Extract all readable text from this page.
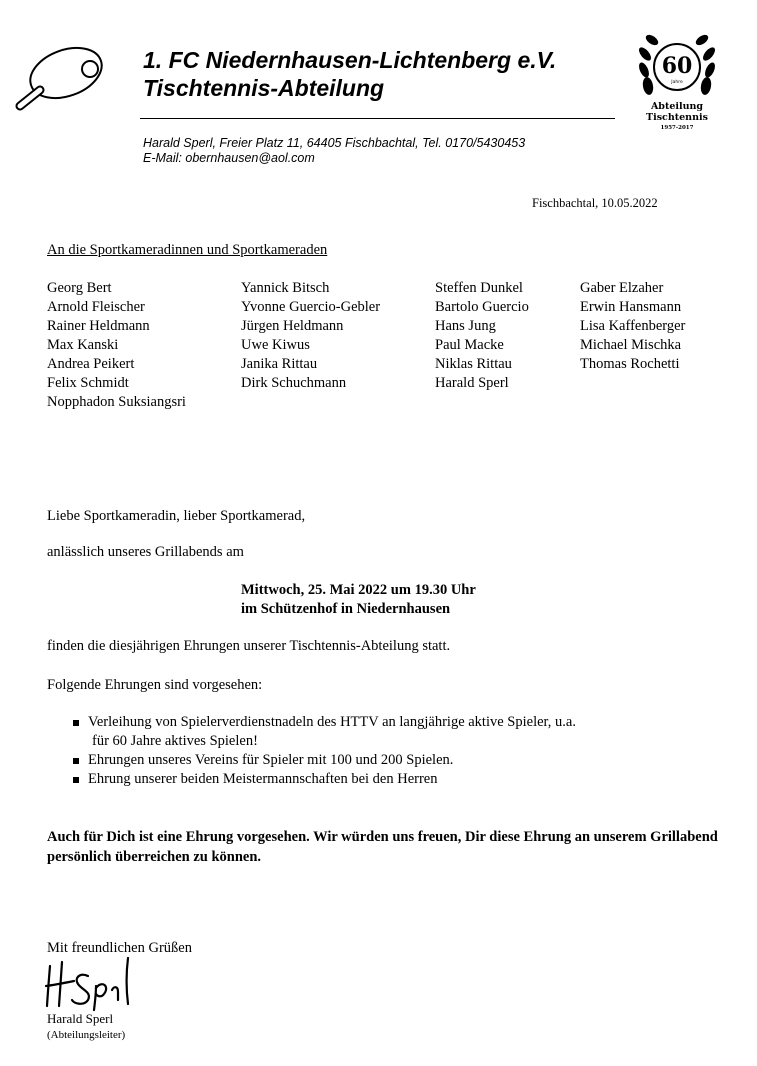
1. FC Niedernhausen-Lichtenberg e.V.
Tischtennis-Abteilung
Harald Sperl, Freier Platz 11, 64405 Fischbachtal, Tel. 0170/5430453
E-Mail: obernhausen@aol.com
60
Jahre
Abteilung
Tischtennis
1957-2017
Fischbachtal, 10.05.2022
An die Sportkameradinnen und Sportkameraden
Georg Bert
Arnold Fleischer
Rainer Heldmann
Max Kanski
Andrea Peikert
Felix Schmidt
Nopphadon Suksiangsri
Yannick Bitsch
Yvonne Guercio-Gebler
Jürgen Heldmann
Uwe Kiwus
Janika Rittau
Dirk Schuchmann
Steffen Dunkel
Bartolo Guercio
Hans Jung
Paul Macke
Niklas Rittau
Harald Sperl
Gaber Elzaher
Erwin Hansmann
Lisa Kaffenberger
Michael Mischka
Thomas Rochetti
Liebe Sportkameradin, lieber Sportkamerad,
anlässlich unseres Grillabends am
Mittwoch, 25. Mai 2022 um 19.30 Uhr
im Schützenhof in Niedernhausen
finden die diesjährigen Ehrungen unserer Tischtennis-Abteilung statt.
Folgende Ehrungen sind vorgesehen:
Verleihung von Spielerverdienstnadeln des HTTV an langjährige aktive Spieler, u.a.
für 60 Jahre aktives Spielen!
Ehrungen unseres Vereins für Spieler mit 100 und 200 Spielen.
Ehrung unserer beiden Meistermannschaften bei den Herren
Auch für Dich ist eine Ehrung vorgesehen. Wir würden uns freuen, Dir diese Ehrung an unserem Grillabend persönlich überreichen zu können.
Mit freundlichen Grüßen
Harald Sperl
(Abteilungsleiter)
